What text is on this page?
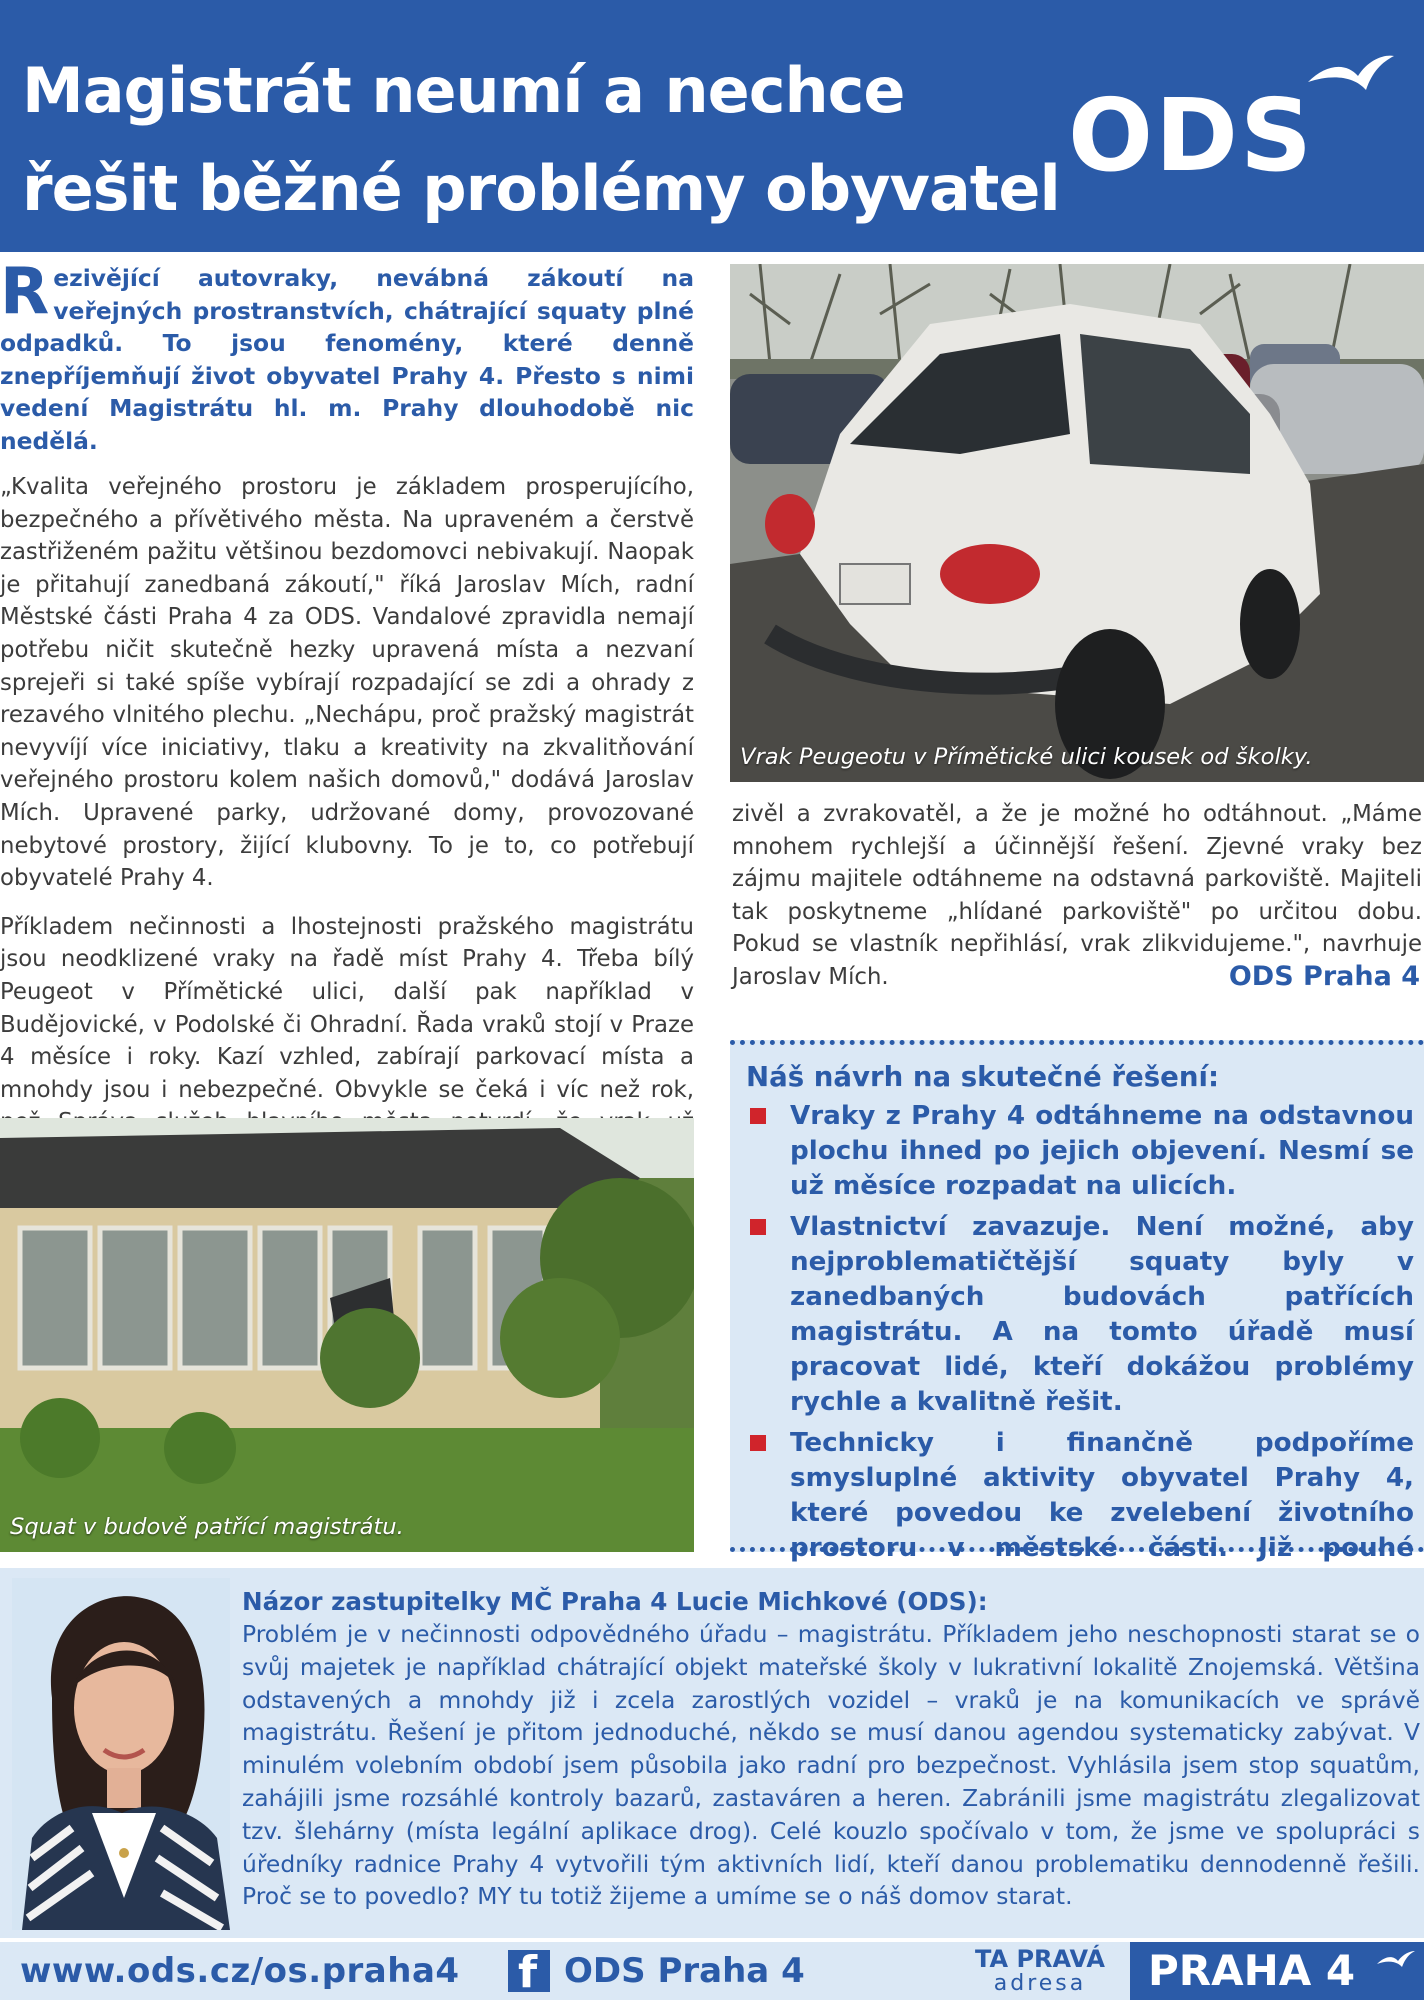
Magistrát neumí a nechce
řešit běžné problémy obyvatel ODS
Rezivějící autovraky, nevábná zákoutí na veřejných prostranstvích, chátrající squaty plné odpadků. To jsou fenomény, které denně znepříjemňují život obyvatel Prahy 4. Přesto s nimi vedení Magistrátu hl. m. Prahy dlouhodobě nic nedělá.
„Kvalita veřejného prostoru je základem prosperujícího, bezpečného a přívětivého města. Na upraveném a čerstvě zastřiženém pažitu většinou bezdomovci nebivakují. Naopak je přitahují zanedbaná zákoutí," říká Jaroslav Mích, radní Městské části Praha 4 za ODS. Vandalové zpravidla nemají potřebu ničit skutečně hezky upravená místa a nezvaní sprejeři si také spíše vybírají rozpadající se zdi a ohrady z rezavého vlnitého plechu. „Nechápu, proč pražský magistrát nevyvíjí více iniciativy, tlaku a kreativity na zkvalitňování veřejného prostoru kolem našich domovů," dodává Jaroslav Mích. Upravené parky, udržované domy, provozované nebytové prostory, žijící klubovny. To je to, co potřebují obyvatelé Prahy 4.
Příkladem nečinnosti a lhostejnosti pražského magistrátu jsou neodklizené vraky na řadě míst Prahy 4. Třeba bílý Peugeot v Přímětické ulici, další pak například v Budějovické, v Podolské či Ohradní. Řada vraků stojí v Praze 4 měsíce i roky. Kazí vzhled, zabírají parkovací místa a mnohdy jsou i nebezpečné. Obvykle se čeká i víc než rok,
Vrak Peugeotu v Přímětické ulici kousek od školky.
zivěl a zvrakovatěl, a že je možné ho odtáhnout. „Máme mnohem rychlejší a účinnější řešení. Zjevné vraky bez zájmu majitele odtáhneme na odstavná parkoviště. Majiteli tak poskytneme „hlídané parkoviště" po určitou dobu. Pokud se vlastník nepřihlásí, vrak zlikvidujeme.", navrhuje Jaroslav Mích.	ODS Praha 4
Squat v budově patřící magistrátu.
Náš návrh na skutečné řešení:
Vraky z Prahy 4 odtáhneme na odstavnou plochu ihned po jejich objevení. Nesmí se už měsíce rozpadat na ulicích.
Vlastnictví zavazuje. Není možné, aby nejproblematičtější squaty byly v zanedbaných budovách patřících magistrátu. A na tomto úřadě musí pracovat lidé, kteří dokážou problémy rychle a kvalitně řešit.
Technicky i finančně podpoříme smysluplné aktivity obyvatel Prahy 4, které povedou ke zvelebení životního prostoru v městské části. Již pouhé
Názor zastupitelky MČ Praha 4 Lucie Michkové (ODS):
Problém je v nečinnosti odpovědného úřadu – magistrátu. Příkladem jeho neschopnosti starat se o svůj majetek je například chátrající objekt mateřské školy v lukrativní lokalitě Znojemská. Většina odstavených a mnohdy již i zcela zarostlých vozidel – vraků je na komunikacích ve správě magistrátu. Řešení je přitom jednoduché, někdo se musí danou agendou systematicky zabývat. V minulém volebním období jsem působila jako radní pro bezpečnost. Vyhlásila jsem stop squatům, zahájili jsme rozsáhlé kontroly bazarů, zastaváren a heren. Zabránili jsme magistrátu zlegalizovat tzv. šlehárny (místa legální aplikace drog). Celé kouzlo spočívalo v tom, že jsme ve spolupráci s úředníky radnice Prahy 4 vytvořili tým aktivních lidí, kteří danou problematiku dennodenně řešili. Proč se to povedlo? MY tu totiž žijeme a umíme se o náš domov starat.
www.ods.cz/os.praha4 f ODS Praha 4	TA PRAVÁ
adresa	PRAHA 4
